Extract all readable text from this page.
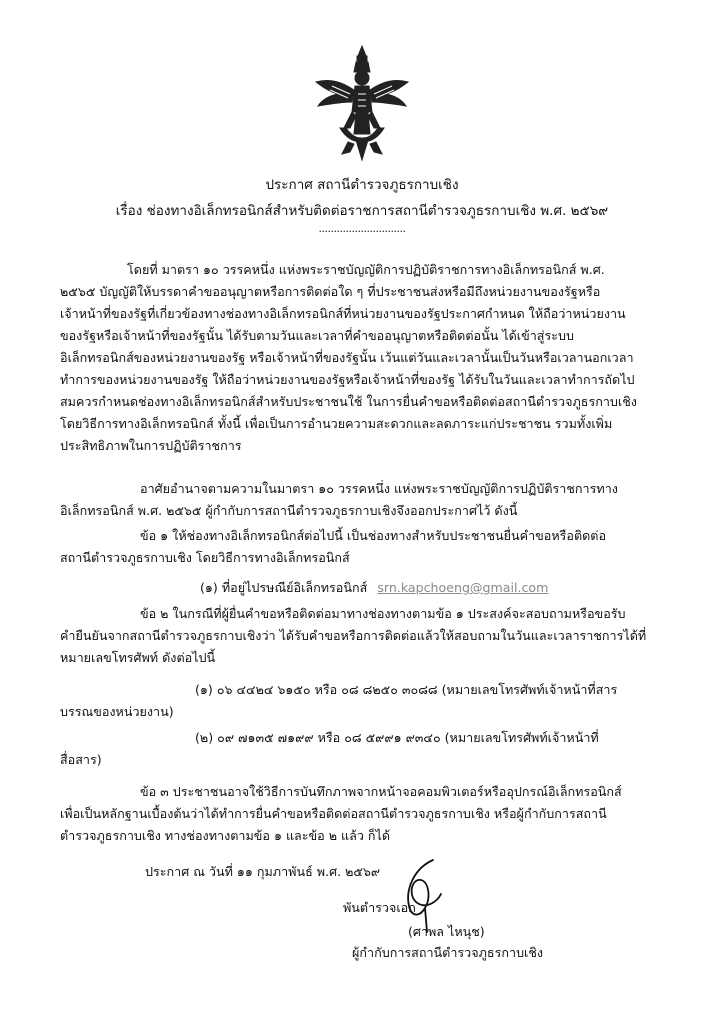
ประกาศ สถานีตำรวจภูธรกาบเชิง
เรื่อง ช่องทางอิเล็กทรอนิกส์สำหรับติดต่อราชการสถานีตำรวจภูธรกาบเชิง พ.ศ. ๒๕๖๙
.............................
โดยที่ มาตรา ๑๐ วรรคหนึ่ง แห่งพระราชบัญญัติการปฏิบัติราชการทางอิเล็กทรอนิกส์ พ.ศ.
๒๕๖๕ บัญญัติให้บรรดาคำขออนุญาตหรือการติดต่อใด ๆ ที่ประชาชนส่งหรือมีถึงหน่วยงานของรัฐหรือ
เจ้าหน้าที่ของรัฐที่เกี่ยวข้องทางช่องทางอิเล็กทรอนิกส์ที่หน่วยงานของรัฐประกาศกำหนด ให้ถือว่าหน่วยงาน
ของรัฐหรือเจ้าหน้าที่ของรัฐนั้น ได้รับตามวันและเวลาที่คำขออนุญาตหรือติดต่อนั้น ได้เข้าสู่ระบบ
อิเล็กทรอนิกส์ของหน่วยงานของรัฐ หรือเจ้าหน้าที่ของรัฐนั้น เว้นแต่วันและเวลานั้นเป็นวันหรือเวลานอกเวลา
ทำการของหน่วยงานของรัฐ ให้ถือว่าหน่วยงานของรัฐหรือเจ้าหน้าที่ของรัฐ ได้รับในวันและเวลาทำการถัดไป
สมควรกำหนดช่องทางอิเล็กทรอนิกส์สำหรับประชาชนใช้ ในการยื่นคำขอหรือติดต่อสถานีตำรวจภูธรกาบเชิง
โดยวิธีการทางอิเล็กทรอนิกส์ ทั้งนี้ เพื่อเป็นการอำนวยความสะดวกและลดภาระแก่ประชาชน รวมทั้งเพิ่ม
ประสิทธิภาพในการปฏิบัติราชการ
อาศัยอำนาจตามความในมาตรา ๑๐ วรรคหนึ่ง แห่งพระราชบัญญัติการปฏิบัติราชการทาง
อิเล็กทรอนิกส์ พ.ศ. ๒๕๖๕ ผู้กำกับการสถานีตำรวจภูธรกาบเชิงจึงออกประกาศไว้ ดังนี้
ข้อ ๑ ให้ช่องทางอิเล็กทรอนิกส์ต่อไปนี้ เป็นช่องทางสำหรับประชาชนยื่นคำขอหรือติดต่อ
สถานีตำรวจภูธรกาบเชิง โดยวิธีการทางอิเล็กทรอนิกส์
(๑) ที่อยู่ไปรษณีย์อิเล็กทรอนิกส์ srn.kapchoeng@gmail.com
ข้อ ๒ ในกรณีที่ผู้ยื่นคำขอหรือติดต่อมาทางช่องทางตามข้อ ๑ ประสงค์จะสอบถามหรือขอรับ
คำยืนยันจากสถานีตำรวจภูธรกาบเชิงว่า ได้รับคำขอหรือการติดต่อแล้วให้สอบถามในวันและเวลาราชการได้ที่
หมายเลขโทรศัพท์ ดังต่อไปนี้
(๑) ๐๖ ๔๔๒๔ ๖๑๕๐ หรือ ๐๘ ๘๒๕๐ ๓๐๘๘ (หมายเลขโทรศัพท์เจ้าหน้าที่สาร
บรรณของหน่วยงาน)
(๒) ๐๙ ๗๑๓๕ ๗๑๙๙ หรือ ๐๘ ๕๙๙๑ ๙๓๔๐ (หมายเลขโทรศัพท์เจ้าหน้าที่
สื่อสาร)
ข้อ ๓ ประชาชนอาจใช้วิธีการบันทึกภาพจากหน้าจอคอมพิวเตอร์หรืออุปกรณ์อิเล็กทรอนิกส์
เพื่อเป็นหลักฐานเบื้องต้นว่าได้ทำการยื่นคำขอหรือติดต่อสถานีตำรวจภูธรกาบเชิง หรือผู้กำกับการสถานี
ตำรวจภูธรกาบเชิง ทางช่องทางตามข้อ ๑ และข้อ ๒ แล้ว ก็ได้
ประกาศ ณ วันที่ ๑๑ กุมภาพันธ์ พ.ศ. ๒๕๖๙
พันตำรวจเอก
(ศาพล ไหนุช)
ผู้กำกับการสถานีตำรวจภูธรกาบเชิง
